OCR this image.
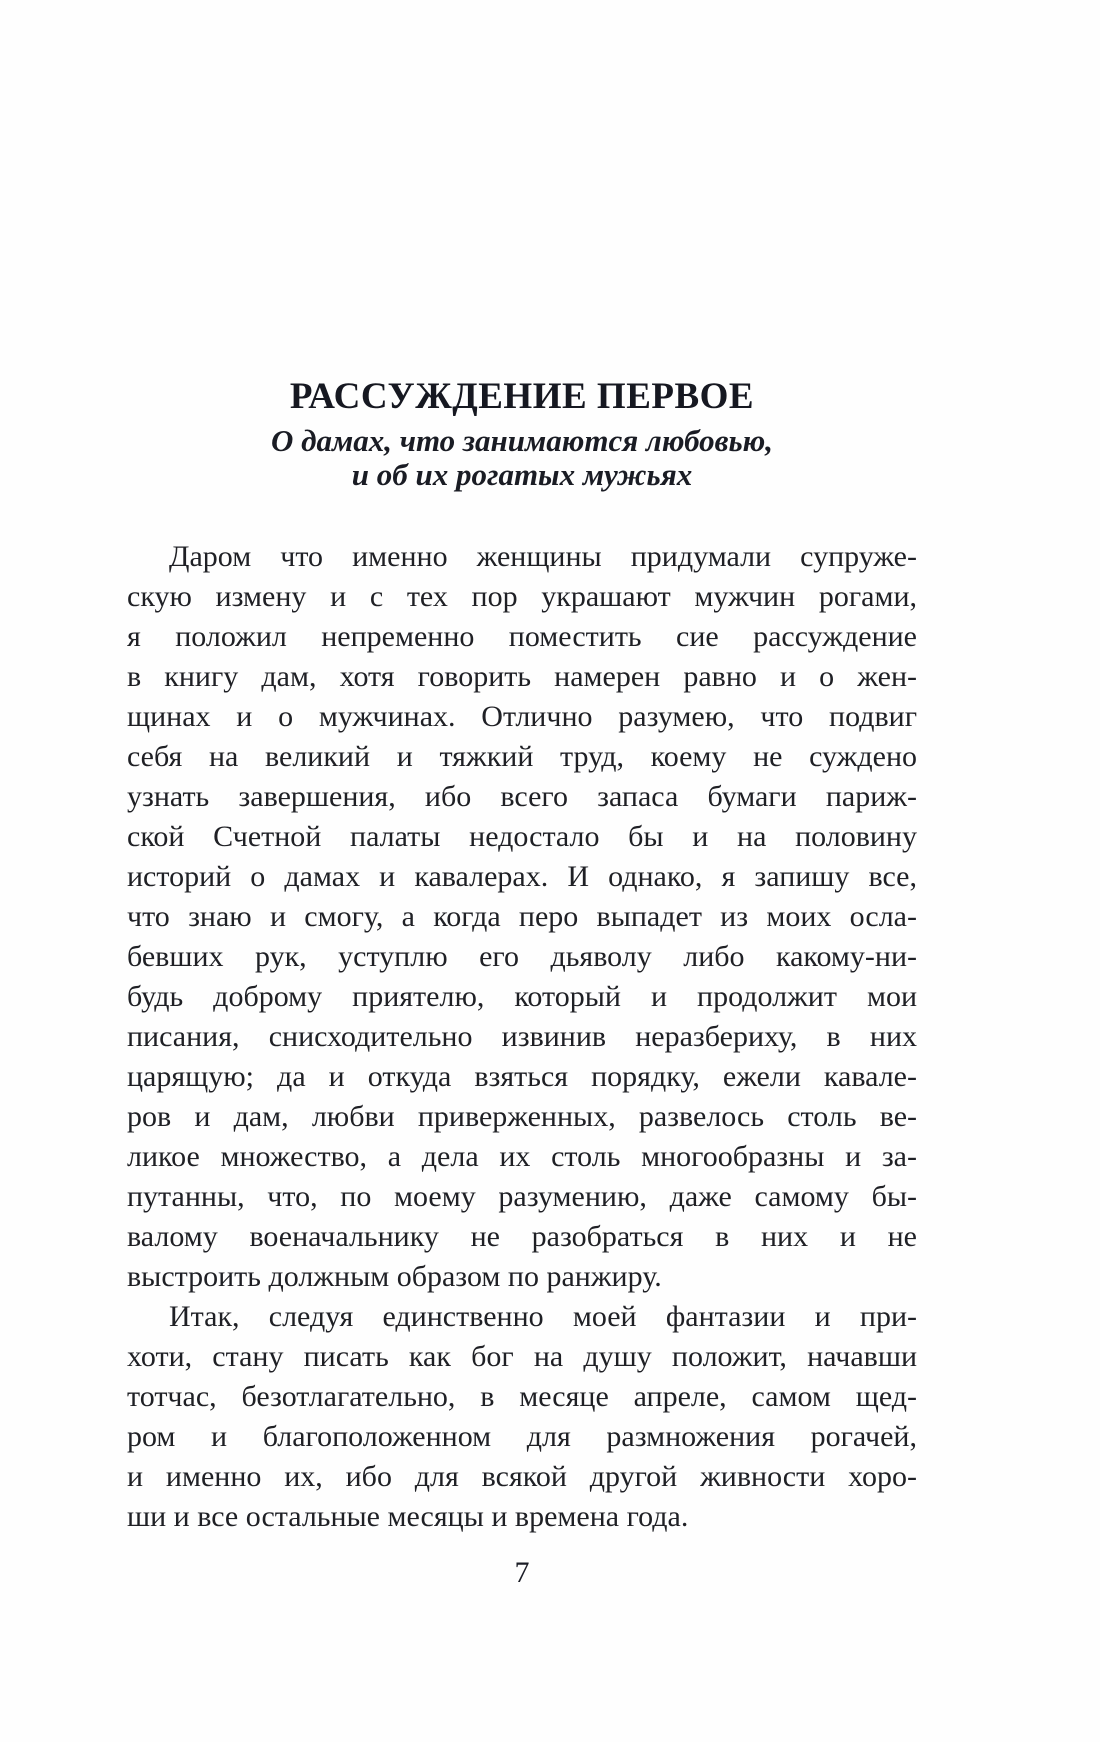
РАССУЖДЕНИЕ ПЕРВОЕ
О дамах, что занимаются любовью,
и об их рогатых мужьях
Даром что именно женщины придумали супруже-
скую измену и с тех пор украшают мужчин рогами,
я положил непременно поместить сие рассуждение
в книгу дам, хотя говорить намерен равно и о жен-
щинах и о мужчинах. Отлично разумею, что подвиг
себя на великий и тяжкий труд, коему не суждено
узнать завершения, ибо всего запаса бумаги париж-
ской Счетной палаты недостало бы и на половину
историй о дамах и кавалерах. И однако, я запишу все,
что знаю и смогу, а когда перо выпадет из моих осла-
бевших рук, уступлю его дьяволу либо какому-ни-
будь доброму приятелю, который и продолжит мои
писания, снисходительно извинив неразбериху, в них
царящую; да и откуда взяться порядку, ежели кавале-
ров и дам, любви приверженных, развелось столь ве-
ликое множество, а дела их столь многообразны и за-
путанны, что, по моему разумению, даже самому бы-
валому военачальнику не разобраться в них и не
выстроить должным образом по ранжиру.
Итак, следуя единственно моей фантазии и при-
хоти, стану писать как бог на душу положит, начавши
тотчас, безотлагательно, в месяце апреле, самом щед-
ром и благоположенном для размножения рогачей,
и именно их, ибо для всякой другой живности хоро-
ши и все остальные месяцы и времена года.
7
